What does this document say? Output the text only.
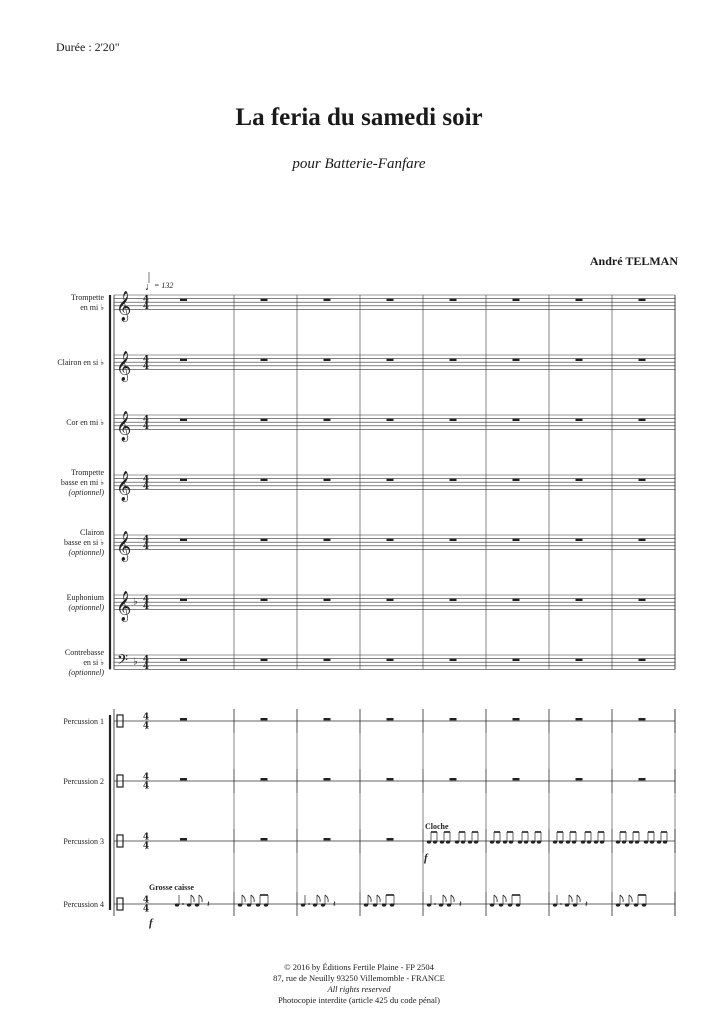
Durée : 2'20"
La feria du samedi soir
pour Batterie-Fanfare
André TELMAN
♩
= 132
Trompette
en mi ♭ 𝄞 4
4
Clairon en si ♭ 𝄞 4
4
Cor en mi ♭ 𝄞 4
4
Trompette
basse en mi ♭
(optionnel) 𝄞 4
4
Clairon
basse en si ♭
(optionnel) 𝄞 4
4
Euphonium
(optionnel) 𝄞 ♭ 4
4
Contrebasse
en si ♭
(optionnel)
𝄢 ♭ 4
4
Percussion 1	4
4
Percussion 2	4
4
Percussion 3	4
4
Percussion 4	4
4
Cloche
f
Grosse caisse
f
𝄽	𝄽	𝄽	𝄽
© 2016 by Éditions Fertile Plaine - FP 2504
87, rue de Neuilly 93250 Villemomble - FRANCE
All rights reserved
Photocopie interdite (article 425 du code pénal)
